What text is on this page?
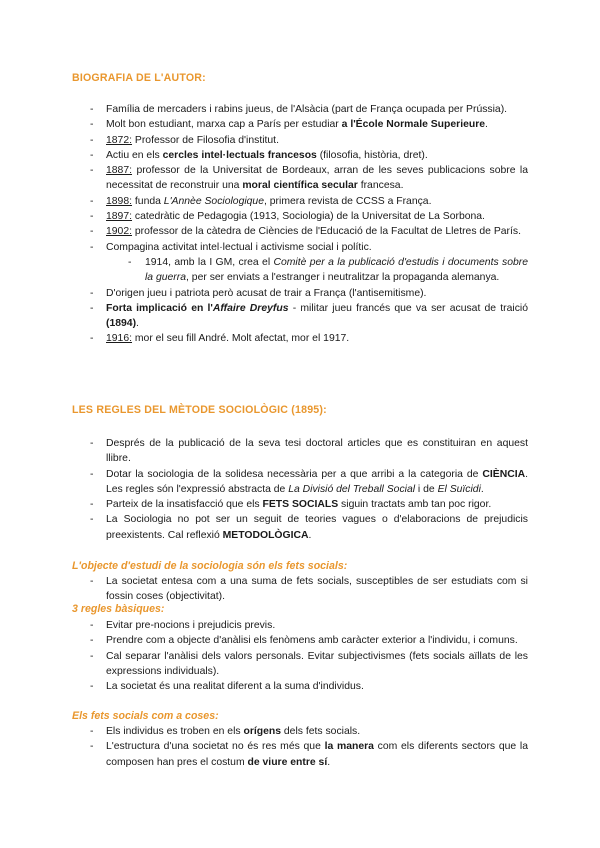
BIOGRAFIA DE L'AUTOR:
- Família de mercaders i rabins jueus, de l'Alsàcia (part de França ocupada per Prússia).
- Molt bon estudiant, marxa cap a París per estudiar a l'École Normale Superieure.
- 1872: Professor de Filosofia d'institut.
- Actiu en els cercles intel·lectuals francesos (filosofia, història, dret).
- 1887: professor de la Universitat de Bordeaux, arran de les seves publicacions sobre la necessitat de reconstruir una moral científica secular francesa.
- 1898: funda L'Annèe Sociologique, primera revista de CCSS a França.
- 1897: catedràtic de Pedagogia (1913, Sociologia) de la Universitat de La Sorbona.
- 1902: professor de la càtedra de Ciències de l'Educació de la Facultat de Lletres de París.
- Compagina activitat intel·lectual i activisme social i polític.
- 1914, amb la I GM, crea el Comitè per a la publicació d'estudis i documents sobre la guerra, per ser enviats a l'estranger i neutralitzar la propaganda alemanya.
- D'origen jueu i patriota però acusat de trair a França (l'antisemitisme).
- Forta implicació en l'Affaire Dreyfus - militar jueu francés que va ser acusat de traició (1894).
- 1916: mor el seu fill André. Molt afectat, mor el 1917.
LES REGLES DEL MÈTODE SOCIOLÒGIC (1895):
- Després de la publicació de la seva tesi doctoral articles que es constituiran en aquest llibre.
- Dotar la sociologia de la solidesa necessària per a que arribi a la categoria de CIÈNCIA. Les regles són l'expressió abstracta de La Divisió del Treball Social i de El Suïcidi.
- Parteix de la insatisfacció que els FETS SOCIALS siguin tractats amb tan poc rigor.
- La Sociologia no pot ser un seguit de teories vagues o d'elaboracions de prejudicis preexistents. Cal reflexió METODOLÒGICA.
L'objecte d'estudi de la sociologia són els fets socials:
- La societat entesa com a una suma de fets socials, susceptibles de ser estudiats com si fossin coses (objectivitat).
3 regles bàsiques:
- Evitar pre-nocions i prejudicis previs.
- Prendre com a objecte d'anàlisi els fenòmens amb caràcter exterior a l'individu, i comuns.
- Cal separar l'anàlisi dels valors personals. Evitar subjectivismes (fets socials aïllats de les expressions individuals).
- La societat és una realitat diferent a la suma d'individus.
Els fets socials com a coses:
- Els individus es troben en els orígens dels fets socials.
- L'estructura d'una societat no és res més que la manera com els diferents sectors que la composen han pres el costum de viure entre sí.
